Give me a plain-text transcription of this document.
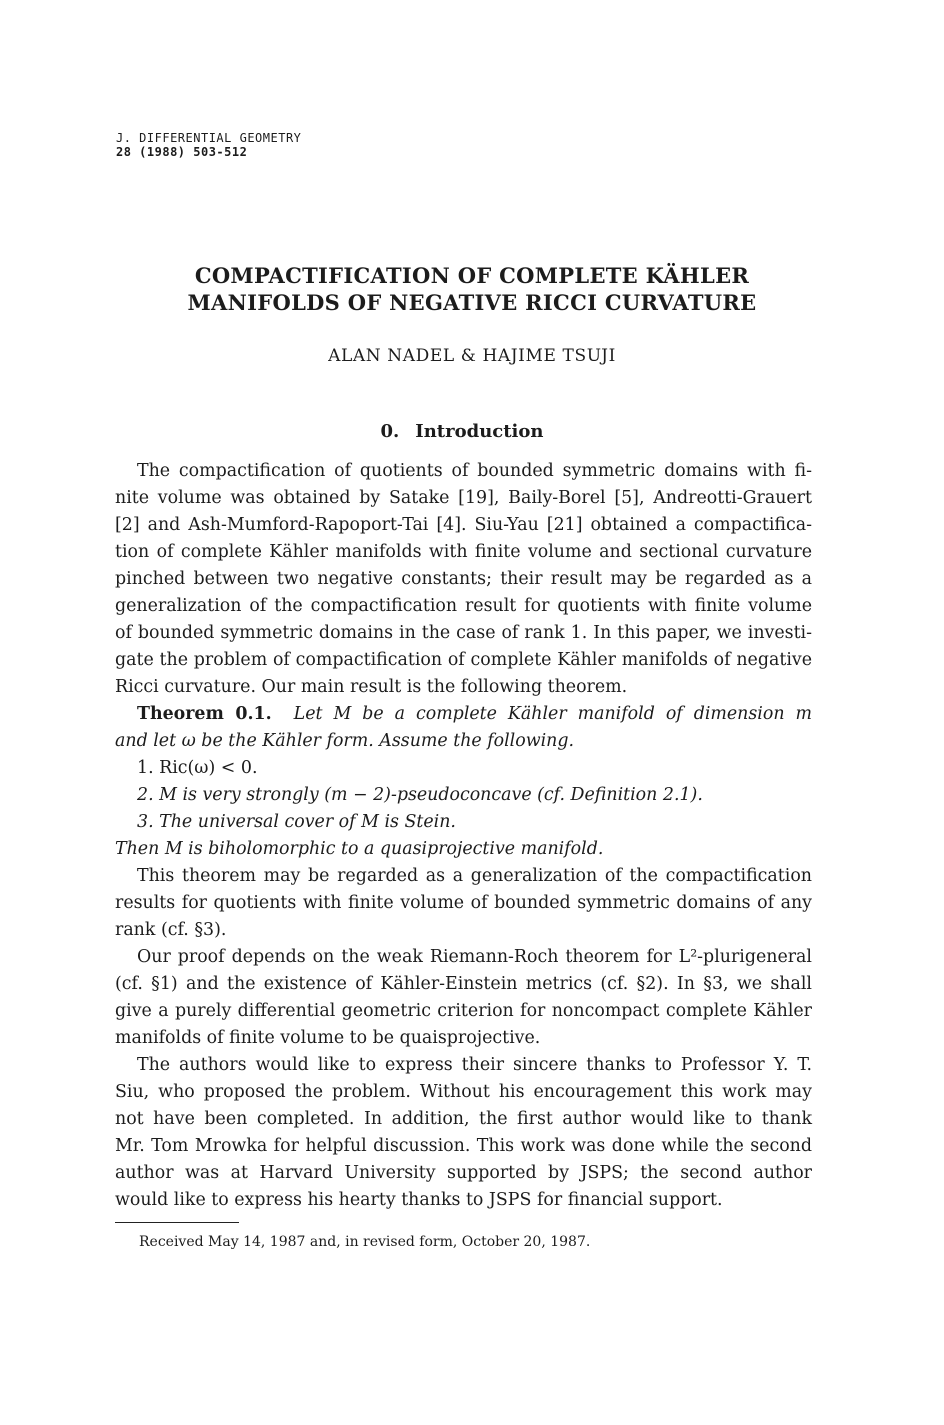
J. DIFFERENTIAL GEOMETRY
28 (1988) 503-512
COMPACTIFICATION OF COMPLETE KÄHLER
MANIFOLDS OF NEGATIVE RICCI CURVATURE
ALAN NADEL & HAJIME TSUJI
0. Introduction
The compactification of quotients of bounded symmetric domains with fi-
nite volume was obtained by Satake [19], Baily-Borel [5], Andreotti-Grauert
[2] and Ash-Mumford-Rapoport-Tai [4]. Siu-Yau [21] obtained a compactifica-
tion of complete Kähler manifolds with finite volume and sectional curvature
pinched between two negative constants; their result may be regarded as a
generalization of the compactification result for quotients with finite volume
of bounded symmetric domains in the case of rank 1. In this paper, we investi-
gate the problem of compactification of complete Kähler manifolds of negative
Ricci curvature. Our main result is the following theorem.
Theorem 0.1. Let M be a complete Kähler manifold of dimension m
and let ω be the Kähler form. Assume the following.
1. Ric(ω) < 0.
2. M is very strongly (m − 2)-pseudoconcave (cf. Definition 2.1).
3. The universal cover of M is Stein.
Then M is biholomorphic to a quasiprojective manifold.
This theorem may be regarded as a generalization of the compactification
results for quotients with finite volume of bounded symmetric domains of any
rank (cf. §3).
Our proof depends on the weak Riemann-Roch theorem for L²-plurigeneral
(cf. §1) and the existence of Kähler-Einstein metrics (cf. §2). In §3, we shall
give a purely differential geometric criterion for noncompact complete Kähler
manifolds of finite volume to be quaisprojective.
The authors would like to express their sincere thanks to Professor Y. T.
Siu, who proposed the problem. Without his encouragement this work may
not have been completed. In addition, the first author would like to thank
Mr. Tom Mrowka for helpful discussion. This work was done while the second
author was at Harvard University supported by JSPS; the second author
would like to express his hearty thanks to JSPS for financial support.
Received May 14, 1987 and, in revised form, October 20, 1987.
